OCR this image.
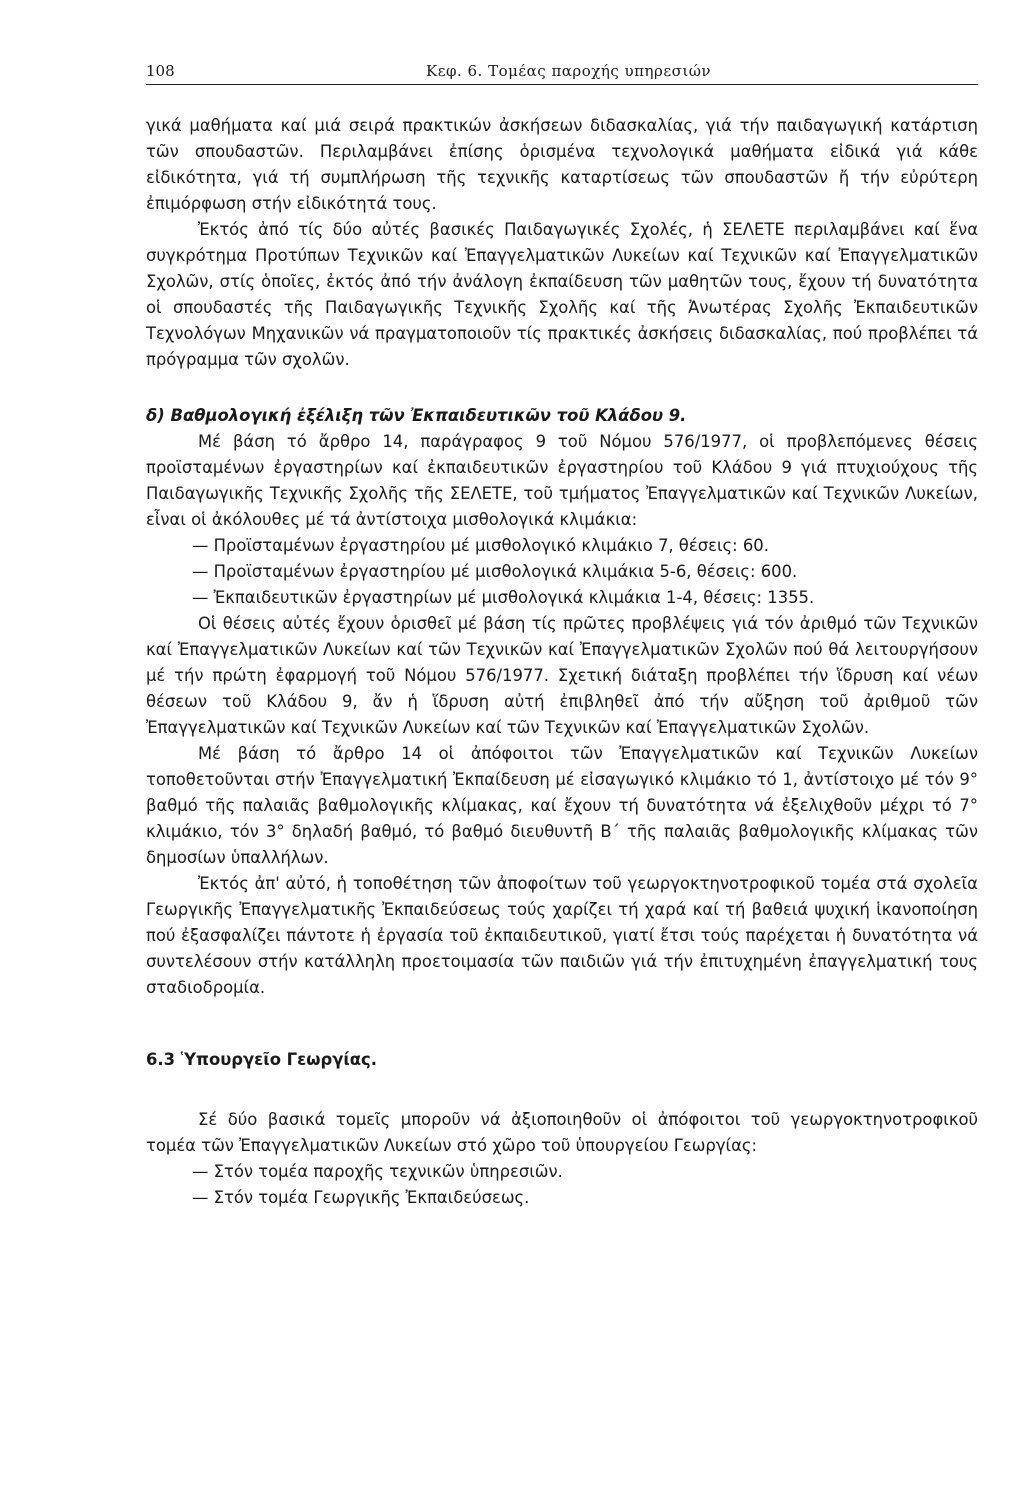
108	Κεφ. 6. Τομέας παροχής υπηρεσιών

γικά μαθήματα καί μιά σειρά πρακτικών ἀσκήσεων διδασκαλίας, γιά τήν παιδαγωγική κατάρτιση τῶν σπουδαστῶν. Περιλαμβάνει ἐπίσης ὁρισμένα τεχνολογικά μαθήματα εἰδικά γιά κάθε εἰδικότητα, γιά τή συμπλήρωση τῆς τεχνικῆς καταρτίσεως τῶν σπουδαστῶν ἤ τήν εὐρύτερη ἐπιμόρφωση στήν εἰδικότητά τους.

Ἐκτός ἀπό τίς δύο αὐτές βασικές Παιδαγωγικές Σχολές, ἡ ΣΕΛΕΤΕ περιλαμβάνει καί ἕνα συγκρότημα Προτύπων Τεχνικῶν καί Ἐπαγγελματικῶν Λυκείων καί Τεχνικῶν καί Ἐπαγγελματικῶν Σχολῶν, στίς ὁποῖες, ἐκτός ἀπό τήν ἀνάλογη ἐκπαίδευση τῶν μαθητῶν τους, ἔχουν τή δυνατότητα οἱ σπουδαστές τῆς Παιδαγωγικῆς Τεχνικῆς Σχολῆς καί τῆς Ἀνωτέρας Σχολῆς Ἐκπαιδευτικῶν Τεχνολόγων Μηχανικῶν νά πραγματοποιοῦν τίς πρακτικές ἀσκήσεις διδασκαλίας, πού προβλέπει τά πρόγραμμα τῶν σχολῶν.

δ) Βαθμολογική ἐξέλιξη τῶν Ἐκπαιδευτικῶν τοῦ Κλάδου 9.

Μέ βάση τό ἄρθρο 14, παράγραφος 9 τοῦ Νόμου 576/1977, οἱ προβλεπόμενες θέσεις προϊσταμένων ἐργαστηρίων καί ἐκπαιδευτικῶν ἐργαστηρίου τοῦ Κλάδου 9 γιά πτυχιούχους τῆς Παιδαγωγικῆς Τεχνικῆς Σχολῆς τῆς ΣΕΛΕΤΕ, τοῦ τμήματος Ἐπαγγελματικῶν καί Τεχνικῶν Λυκείων, εἶναι οἱ ἀκόλουθες μέ τά ἀντίστοιχα μισθολογικά κλιμάκια:

— Προϊσταμένων ἐργαστηρίου μέ μισθολογικό κλιμάκιο 7, θέσεις: 60.
— Προϊσταμένων ἐργαστηρίου μέ μισθολογικά κλιμάκια 5-6, θέσεις: 600.
— Ἐκπαιδευτικῶν ἐργαστηρίων μέ μισθολογικά κλιμάκια 1-4, θέσεις: 1355.

Οἱ θέσεις αὐτές ἔχουν ὁρισθεῖ μέ βάση τίς πρῶτες προβλέψεις γιά τόν ἀριθμό τῶν Τεχνικῶν καί Ἐπαγγελματικῶν Λυκείων καί τῶν Τεχνικῶν καί Ἐπαγγελματικῶν Σχολῶν πού θά λειτουργήσουν μέ τήν πρώτη ἐφαρμογή τοῦ Νόμου 576/1977. Σχετική διάταξη προβλέπει τήν ἵδρυση καί νέων θέσεων τοῦ Κλάδου 9, ἄν ἡ ἵδρυση αὐτή ἐπιβληθεῖ ἀπό τήν αὔξηση τοῦ ἀριθμοῦ τῶν Ἐπαγγελματικῶν καί Τεχνικῶν Λυκείων καί τῶν Τεχνικῶν καί Ἐπαγγελματικῶν Σχολῶν.

Μέ βάση τό ἄρθρο 14 οἱ ἀπόφοιτοι τῶν Ἐπαγγελματικῶν καί Τεχνικῶν Λυκείων τοποθετοῦνται στήν Ἐπαγγελματική Ἐκπαίδευση μέ εἰσαγωγικό κλιμάκιο τό 1, ἀντίστοιχο μέ τόν 9° βαθμό τῆς παλαιᾶς βαθμολογικῆς κλίμακας, καί ἔχουν τή δυνατότητα νά ἐξελιχθοῦν μέχρι τό 7° κλιμάκιο, τόν 3° δηλαδή βαθμό, τό βαθμό διευθυντῆ Β΄ τῆς παλαιᾶς βαθμολογικῆς κλίμακας τῶν δημοσίων ὑπαλλήλων.

Ἐκτός ἀπ' αὐτό, ἡ τοποθέτηση τῶν ἀποφοίτων τοῦ γεωργοκτηνοτροφικοῦ τομέα στά σχολεῖα Γεωργικῆς Ἐπαγγελματικῆς Ἐκπαιδεύσεως τούς χαρίζει τή χαρά καί τή βαθειά ψυχική ἱκανοποίηση πού ἐξασφαλίζει πάντοτε ἡ ἐργασία τοῦ ἐκπαιδευτικοῦ, γιατί ἔτσι τούς παρέχεται ἡ δυνατότητα νά συντελέσουν στήν κατάλληλη προετοιμασία τῶν παιδιῶν γιά τήν ἐπιτυχημένη ἐπαγγελματική τους σταδιοδρομία.

6.3 Ὑπουργεῖο Γεωργίας.

Σέ δύο βασικά τομεῖς μποροῦν νά ἀξιοποιηθοῦν οἱ ἀπόφοιτοι τοῦ γεωργοκτηνοτροφικοῦ τομέα τῶν Ἐπαγγελματικῶν Λυκείων στό χῶρο τοῦ ὑπουργείου Γεωργίας:

— Στόν τομέα παροχῆς τεχνικῶν ὑπηρεσιῶν.
— Στόν τομέα Γεωργικῆς Ἐκπαιδεύσεως.
